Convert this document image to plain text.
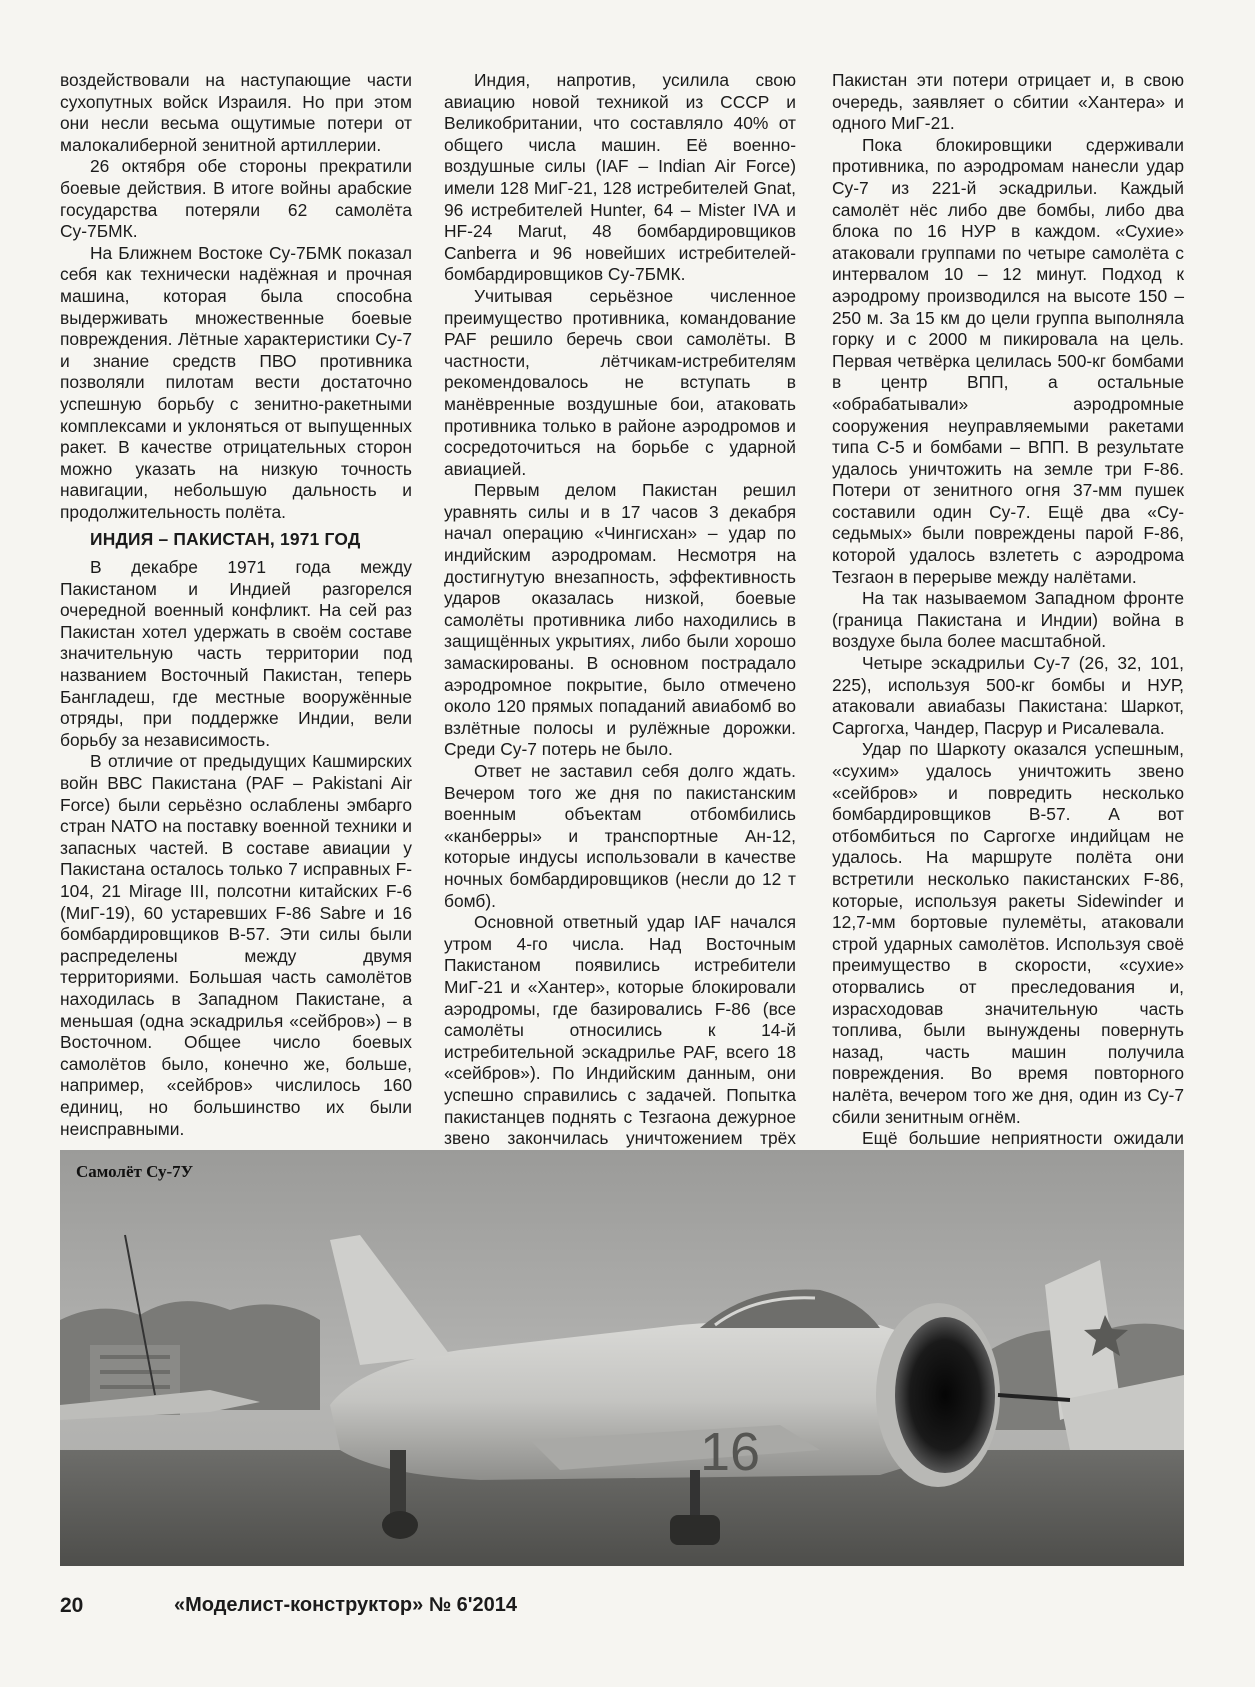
воздействовали на наступающие части сухопутных войск Израиля. Но при этом они несли весьма ощутимые потери от малокалиберной зенитной артиллерии.

26 октября обе стороны прекратили боевые действия. В итоге войны арабские государства потеряли 62 самолёта Су-7БМК.

На Ближнем Востоке Су-7БМК показал себя как технически надёжная и прочная машина, которая была способна выдерживать множественные боевые повреждения. Лётные характеристики Су-7 и знание средств ПВО противника позволяли пилотам вести достаточно успешную борьбу с зенитно-ракетными комплексами и уклоняться от выпущенных ракет. В качестве отрицательных сторон можно указать на низкую точность навигации, небольшую дальность и продолжительность полёта.

ИНДИЯ – ПАКИСТАН, 1971 ГОД

В декабре 1971 года между Пакистаном и Индией разгорелся очередной военный конфликт. На сей раз Пакистан хотел удержать в своём составе значительную часть территории под названием Восточный Пакистан, теперь Бангладеш, где местные вооружённые отряды, при поддержке Индии, вели борьбу за независимость.

В отличие от предыдущих Кашмирских войн ВВС Пакистана (PAF – Pakistani Air Force) были серьёзно ослаблены эмбарго стран NATO на поставку военной техники и запасных частей. В составе авиации у Пакистана осталось только 7 исправных F-104, 21 Mirage III, полсотни китайских F-6 (МиГ-19), 60 устаревших F-86 Sabre и 16 бомбардировщиков B-57. Эти силы были распределены между двумя территориями. Большая часть самолётов находилась в Западном Пакистане, а меньшая (одна эскадрилья «сейбров») – в Восточном. Общее число боевых самолётов было, конечно же, больше, например, «сейбров» числилось 160 единиц, но большинство их были неисправными.

Индия, напротив, усилила свою авиацию новой техникой из СССР и Великобритании, что составляло 40% от общего числа машин. Её военно-воздушные силы (IAF – Indian Air Force) имели 128 МиГ-21, 128 истребителей Gnat, 96 истребителей Hunter, 64 – Mister IVA и HF-24 Marut, 48 бомбардировщиков Canberra и 96 новейших истребителей-бомбардировщиков Су-7БМК.

Учитывая серьёзное численное преимущество противника, командование PAF решило беречь свои самолёты. В частности, лётчикам-истребителям рекомендовалось не вступать в манёвренные воздушные бои, атаковать противника только в районе аэродромов и сосредоточиться на борьбе с ударной авиацией.

Первым делом Пакистан решил уравнять силы и в 17 часов 3 декабря начал операцию «Чингисхан» – удар по индийским аэродромам. Несмотря на достигнутую внезапность, эффективность ударов оказалась низкой, боевые самолёты противника либо находились в защищённых укрытиях, либо были хорошо замаскированы. В основном пострадало аэродромное покрытие, было отмечено около 120 прямых попаданий авиабомб во взлётные полосы и рулёжные дорожки. Среди Су-7 потерь не было.

Ответ не заставил себя долго ждать. Вечером того же дня по пакистанским военным объектам отбомбились «канберры» и транспортные Ан-12, которые индусы использовали в качестве ночных бомбардировщиков (несли до 12 т бомб).

Основной ответный удар IAF начался утром 4-го числа. Над Восточным Пакистаном появились истребители МиГ-21 и «Хантер», которые блокировали аэродромы, где базировались F-86 (все самолёты относились к 14-й истребительной эскадрилье PAF, всего 18 «сейбров»). По Индийским данным, они успешно справились с задачей. Попытка пакистанцев поднять с Тезгаона дежурное звено закончилась уничтожением трёх

Пакистан эти потери отрицает и, в свою очередь, заявляет о сбитии «Хантера» и одного МиГ-21.

Пока блокировщики сдерживали противника, по аэродромам нанесли удар Су-7 из 221-й эскадрильи. Каждый самолёт нёс либо две бомбы, либо два блока по 16 НУР в каждом. «Сухие» атаковали группами по четыре самолёта с интервалом 10 – 12 минут. Подход к аэродрому производился на высоте 150 – 250 м. За 15 км до цели группа выполняла горку и с 2000 м пикировала на цель. Первая четвёрка целилась 500-кг бомбами в центр ВПП, а остальные «обрабатывали» аэродромные сооружения неуправляемыми ракетами типа С-5 и бомбами – ВПП. В результате удалось уничтожить на земле три F-86. Потери от зенитного огня 37-мм пушек составили один Су-7. Ещё два «Су-седьмых» были повреждены парой F-86, которой удалось взлететь с аэродрома Тезгаон в перерыве между налётами.

На так называемом Западном фронте (граница Пакистана и Индии) война в воздухе была более масштабной.

Четыре эскадрильи Су-7 (26, 32, 101, 225), используя 500-кг бомбы и НУР, атаковали авиабазы Пакистана: Шаркот, Саргогха, Чандер, Пасрур и Рисалевала.

Удар по Шаркоту оказался успешным, «сухим» удалось уничтожить звено «сейбров» и повредить несколько бомбардировщиков B-57. А вот отбомбиться по Саргогхе индийцам не удалось. На маршруте полёта они встретили несколько пакистанских F-86, которые, используя ракеты Sidewinder и 12,7-мм бортовые пулемёты, атаковали строй ударных самолётов. Используя своё преимущество в скорости, «сухие» оторвались от преследования и, израсходовав значительную часть топлива, были вынуждены повернуть назад, часть машин получила повреждения. Во время повторного налёта, вечером того же дня, один из Су-7 сбили зенитным огнём.

Ещё большие неприятности ожидали

16
Самолёт Су-7У
20	«Моделист-конструктор» № 6'2014
